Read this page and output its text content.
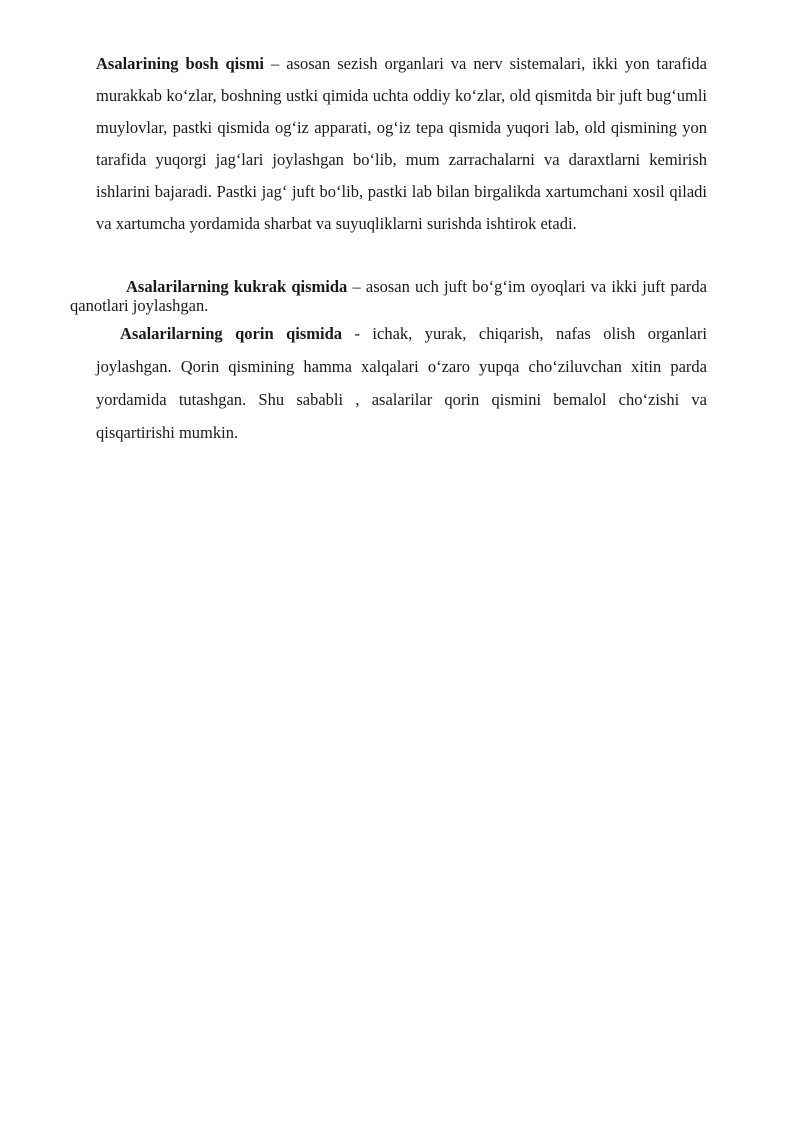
Asalarining bosh qismi – asosan sezish organlari va nerv sistemalari, ikki yon tarafida murakkab ko‘zlar, boshning ustki qimida uchta oddiy ko‘zlar, old qismitda bir juft bug‘umli muylovlar, pastki qismida og‘iz apparati, og‘iz tepa qismida yuqori lab, old qismining yon tarafida yuqorgi jag‘lari joylashgan bo‘lib, mum zarrachalarni va daraxtlarni kemirish ishlarini bajaradi. Pastki jag‘ juft bo‘lib, pastki lab bilan birgalikda xartumchani xosil qiladi va xartumcha yordamida sharbat va suyuqliklarni surishda ishtirok etadi.

Asalarilarning kukrak qismida – asosan uch juft bo‘g‘im oyoqlari va ikki juft parda qanotlari joylashgan.

Asalarilarning qorin qismida - ichak, yurak, chiqarish, nafas olish organlari joylashgan. Qorin qismining hamma xalqalari o‘zaro yupqa cho‘ziluvchan xitin parda yordamida tutashgan. Shu sababli , asalarilar qorin qismini bemalol cho‘zishi va qisqartirishi mumkin.
